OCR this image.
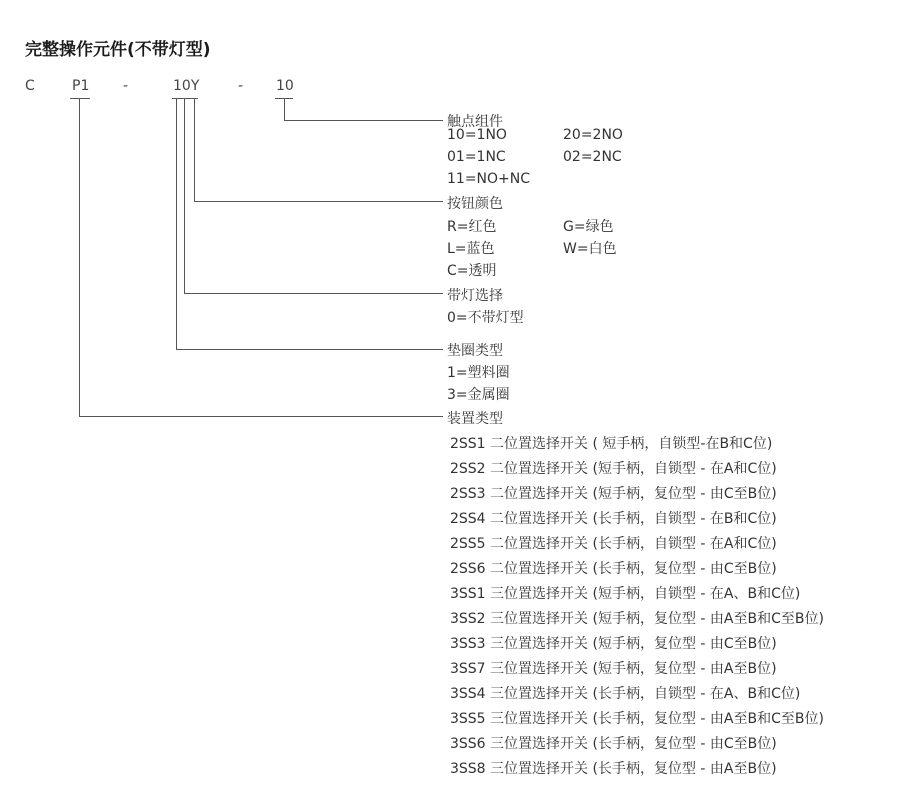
完整操作元件(不带灯型)
C	P1 -	10Y	- 10
触点组件
10=1NO	20=2NO
01=1NC	02=2NC
11=NO+NC
按钮颜色
R=红色	G=绿色
L=蓝色	W=白色
C=透明
带灯选择
0=不带灯型
垫圈类型
1=塑料圈
3=金属圈
装置类型
2SS1 二位置选择开关 ( 短手柄，自锁型-在B和C位)
2SS2 二位置选择开关 (短手柄，自锁型 - 在A和C位)
2SS3 二位置选择开关 (短手柄，复位型 - 由C至B位)
2SS4 二位置选择开关 (长手柄，自锁型 - 在B和C位)
2SS5 二位置选择开关 (长手柄，自锁型 - 在A和C位)
2SS6 二位置选择开关 (长手柄，复位型 - 由C至B位)
3SS1 三位置选择开关 (短手柄，自锁型 - 在A、B和C位)
3SS2 三位置选择开关 (短手柄，复位型 - 由A至B和C至B位)
3SS3 三位置选择开关 (短手柄，复位型 - 由C至B位)
3SS7 三位置选择开关 (短手柄，复位型 - 由A至B位)
3SS4 三位置选择开关 (长手柄，自锁型 - 在A、B和C位)
3SS5 三位置选择开关 (长手柄，复位型 - 由A至B和C至B位)
3SS6 三位置选择开关 (长手柄，复位型 - 由C至B位)
3SS8 三位置选择开关 (长手柄，复位型 - 由A至B位)
